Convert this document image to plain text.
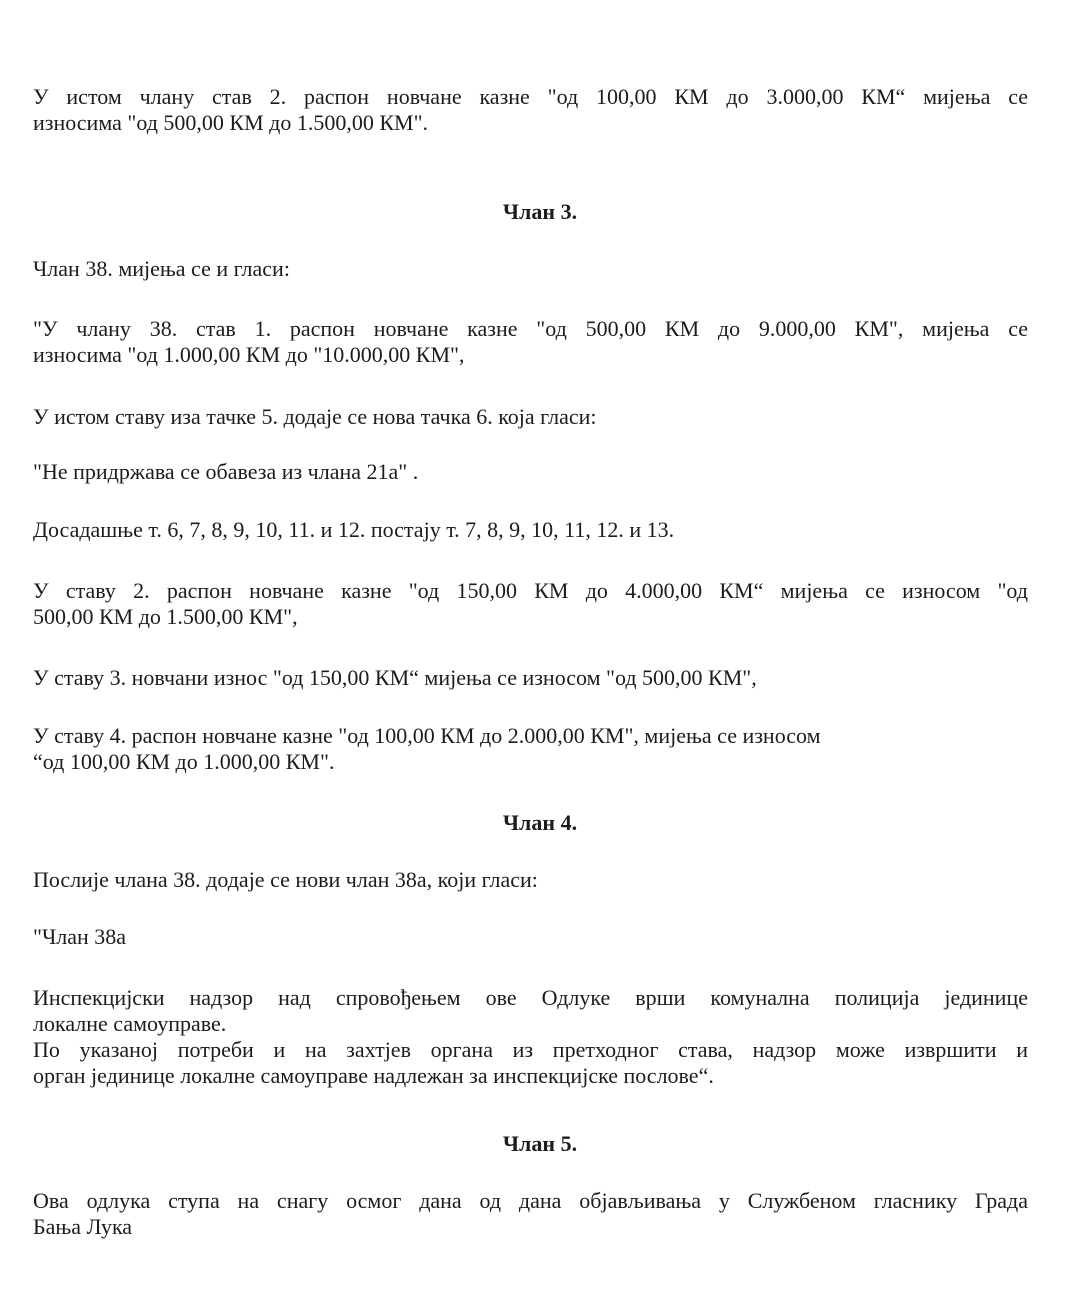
У истом члану став 2. распон новчане казне "од 100,00 КМ до 3.000,00 КМ“ мијења се
износима "од 500,00 КМ до 1.500,00 КМ".
Члан 3.
Члан 38. мијења се и гласи:
"У члану 38. став 1. распон новчане казне "од 500,00 КМ до 9.000,00 КМ", мијења се
износима "од 1.000,00 КМ до "10.000,00 КМ",
У истом ставу иза тачке 5. додаје се нова тачка 6. која гласи:
"Не придржава се обавеза из члана 21а" .
Досадашње т. 6, 7, 8, 9, 10, 11. и 12. постају т. 7, 8, 9, 10, 11, 12. и 13.
У ставу 2. распон новчане казне "од 150,00 КМ до 4.000,00 КМ“ мијења се износом "од
500,00 КМ до 1.500,00 КМ",
У ставу 3. новчани износ "од 150,00 КМ“ мијења се износом "од 500,00 КМ",
У ставу 4. распон новчане казне "од 100,00 КМ до 2.000,00 КМ", мијења се износом
“од 100,00 КМ до 1.000,00 КМ".
Члан 4.
Послије члана 38. додаје се нови члан 38а, који гласи:
"Члан 38а
Инспекцијски надзор над спровођењем ове Одлуке врши комунална полиција јединице
локалне самоуправе.
По указаној потреби и на захтјев органа из претходног става, надзор може извршити и
орган јединице локалне самоуправе надлежан за инспекцијске послове“.
Члан 5.
Ова одлука ступа на снагу осмог дана од дана објављивања у Службеном гласнику Града
Бања Лука
